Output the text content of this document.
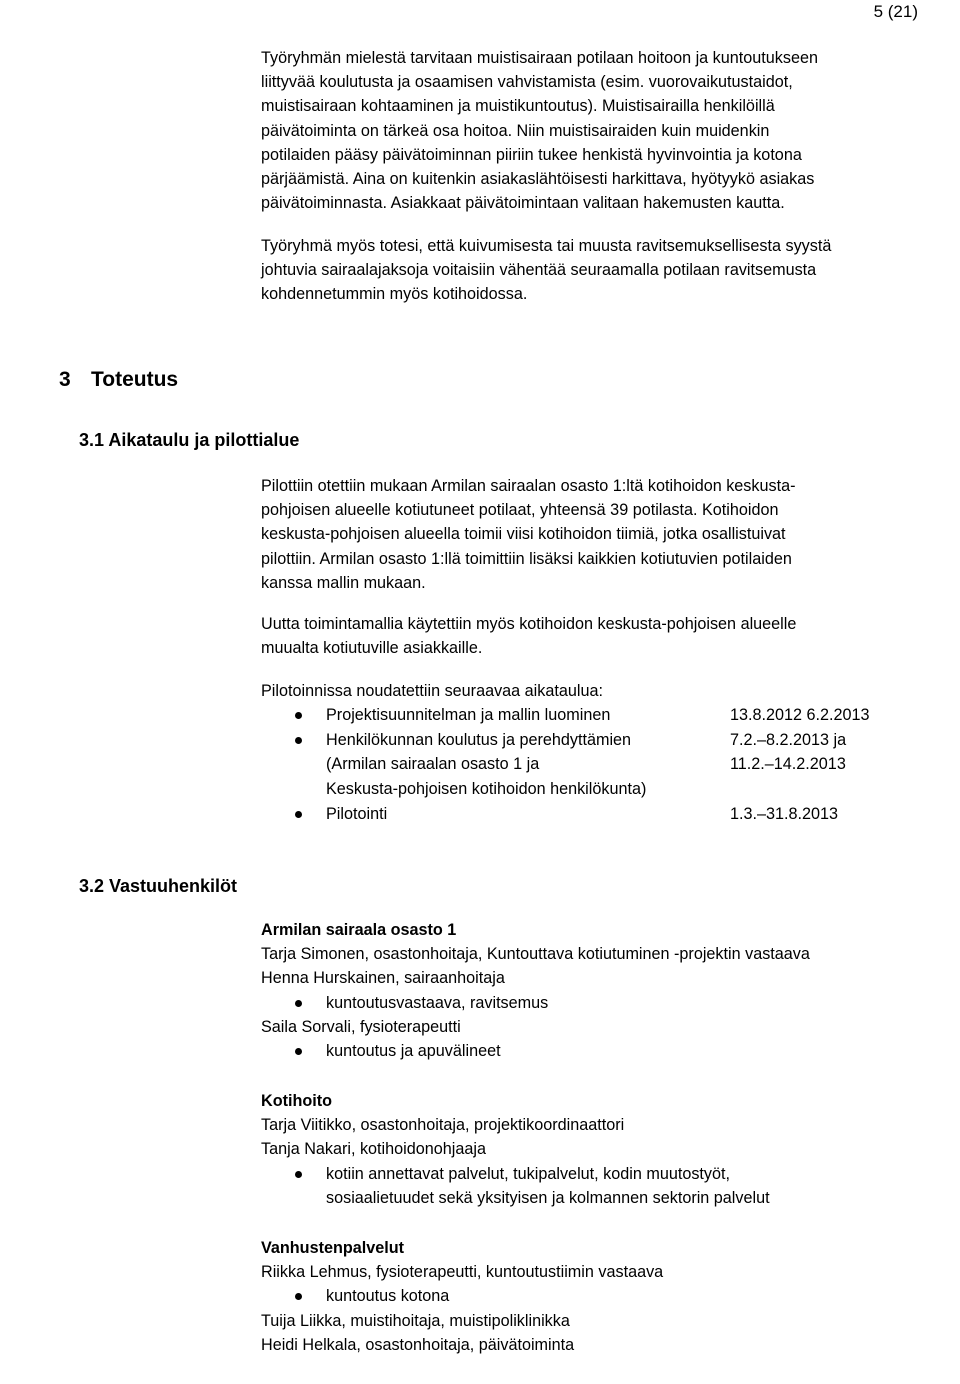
5 (21)
Työryhmän mielestä tarvitaan muistisairaan potilaan hoitoon ja kuntoutukseen
liittyvää koulutusta ja osaamisen vahvistamista (esim. vuorovaikutustaidot,
muistisairaan kohtaaminen ja muistikuntoutus). Muistisairailla henkilöillä
päivätoiminta on tärkeä osa hoitoa. Niin muistisairaiden kuin muidenkin
potilaiden pääsy päivätoiminnan piiriin tukee henkistä hyvinvointia ja kotona
pärjäämistä. Aina on kuitenkin asiakaslähtöisesti harkittava, hyötyykö asiakas
päivätoiminnasta. Asiakkaat päivätoimintaan valitaan hakemusten kautta.
Työryhmä myös totesi, että kuivumisesta tai muusta ravitsemuksellisesta syystä
johtuvia sairaalajaksoja voitaisiin vähentää seuraamalla potilaan ravitsemusta
kohdennetummin myös kotihoidossa.
3 Toteutus
3.1 Aikataulu ja pilottialue
Pilottiin otettiin mukaan Armilan sairaalan osasto 1:ltä kotihoidon keskusta-
pohjoisen alueelle kotiutuneet potilaat, yhteensä 39 potilasta. Kotihoidon
keskusta-pohjoisen alueella toimii viisi kotihoidon tiimiä, jotka osallistuivat
pilottiin. Armilan osasto 1:llä toimittiin lisäksi kaikkien kotiutuvien potilaiden
kanssa mallin mukaan.
Uutta toimintamallia käytettiin myös kotihoidon keskusta-pohjoisen alueelle
muualta kotiutuville asiakkaille.
Pilotoinnissa noudatettiin seuraavaa aikataulua:
Projektisuunnitelman ja mallin luominen	13.8.2012 6.2.2013
Henkilökunnan koulutus ja perehdyttämien
(Armilan sairaalan osasto 1 ja
Keskusta-pohjoisen kotihoidon henkilökunta)
7.2.–8.2.2013 ja
11.2.–14.2.2013
Pilotointi	1.3.–31.8.2013
3.2 Vastuuhenkilöt
Armilan sairaala osasto 1
Tarja Simonen, osastonhoitaja, Kuntouttava kotiutuminen -projektin vastaava
Henna Hurskainen, sairaanhoitaja
kuntoutusvastaava, ravitsemus
Saila Sorvali, fysioterapeutti
kuntoutus ja apuvälineet
Kotihoito
Tarja Viitikko, osastonhoitaja, projektikoordinaattori
Tanja Nakari, kotihoidonohjaaja
kotiin annettavat palvelut, tukipalvelut, kodin muutostyöt,
sosiaalietuudet sekä yksityisen ja kolmannen sektorin palvelut
Vanhustenpalvelut
Riikka Lehmus, fysioterapeutti, kuntoutustiimin vastaava
kuntoutus kotona
Tuija Liikka, muistihoitaja, muistipoliklinikka
Heidi Helkala, osastonhoitaja, päivätoiminta
